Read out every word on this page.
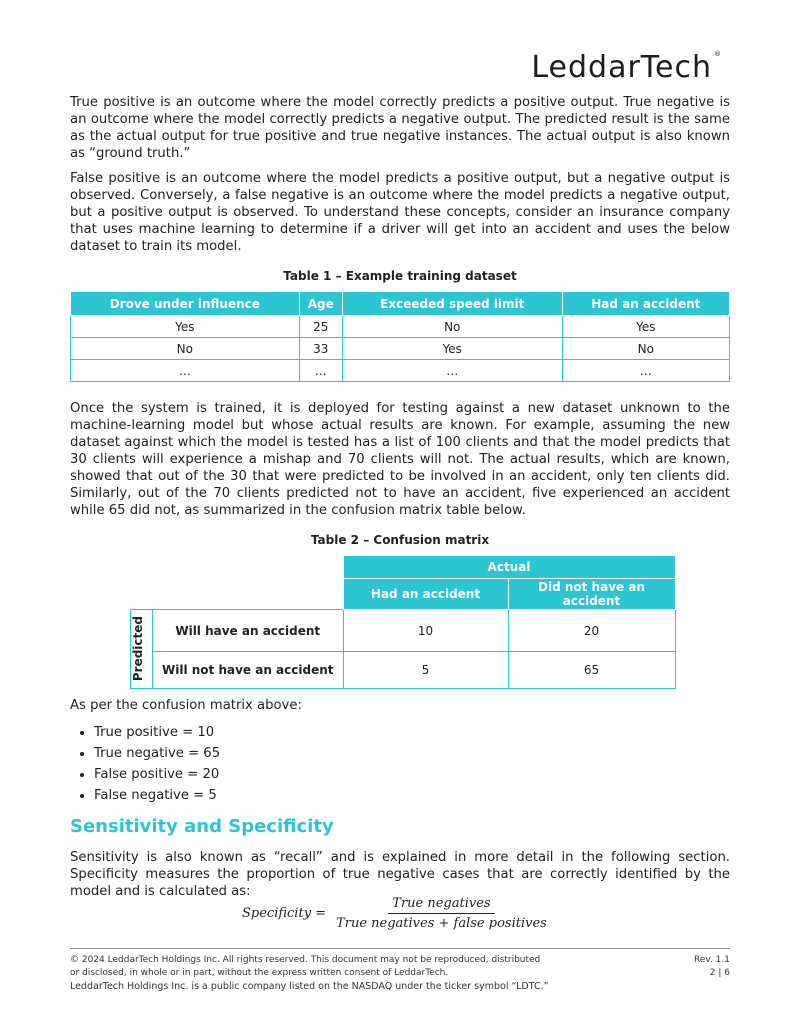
LeddarTech ®

True positive is an outcome where the model correctly predicts a positive output. True negative is an outcome where the model correctly predicts a negative output. The predicted result is the same as the actual output for true positive and true negative instances. The actual output is also known as “ground truth.”

False positive is an outcome where the model predicts a positive output, but a negative output is observed. Conversely, a false negative is an outcome where the model predicts a negative output, but a positive output is observed. To understand these concepts, consider an insurance company that uses machine learning to determine if a driver will get into an accident and uses the below dataset to train its model.

Table 1 – Example training dataset
Drove under influence	Age	Exceeded speed limit	Had an accident
Yes	25	No	Yes
No	33	Yes	No
…	…	…	…

Once the system is trained, it is deployed for testing against a new dataset unknown to the machine-learning model but whose actual results are known. For example, assuming the new dataset against which the model is tested has a list of 100 clients and that the model predicts that 30 clients will experience a mishap and 70 clients will not. The actual results, which are known, showed that out of the 30 that were predicted to be involved in an accident, only ten clients did. Similarly, out of the 70 clients predicted not to have an accident, five experienced an accident while 65 did not, as summarized in the confusion matrix table below.

Table 2 – Confusion matrix
		Actual	
		Had an accident	Did not have an accident

Predicted	Will have an accident	10	20
	Will not have an accident	5	65

As per the confusion matrix above:

• True positive = 10
• True negative = 65
• False positive = 20
• False negative = 5
Sensitivity and Specificity

Sensitivity is also known as “recall” and is explained in more detail in the following section. Specificity measures the proportion of true negative cases that are correctly identified by the model and is calculated as:

Specificity = $\frac{\text{True negatives}}{\text{True negatives + false positives}}$
© 2024 LeddarTech Holdings Inc. All rights reserved. This document may not be reproduced, distributed
or disclosed, in whole or in part, without the express written consent of LeddarTech.
LeddarTech Holdings Inc. is a public company listed on the NASDAQ under the ticker symbol “LDTC.”
Rev. 1.1
2 | 6
